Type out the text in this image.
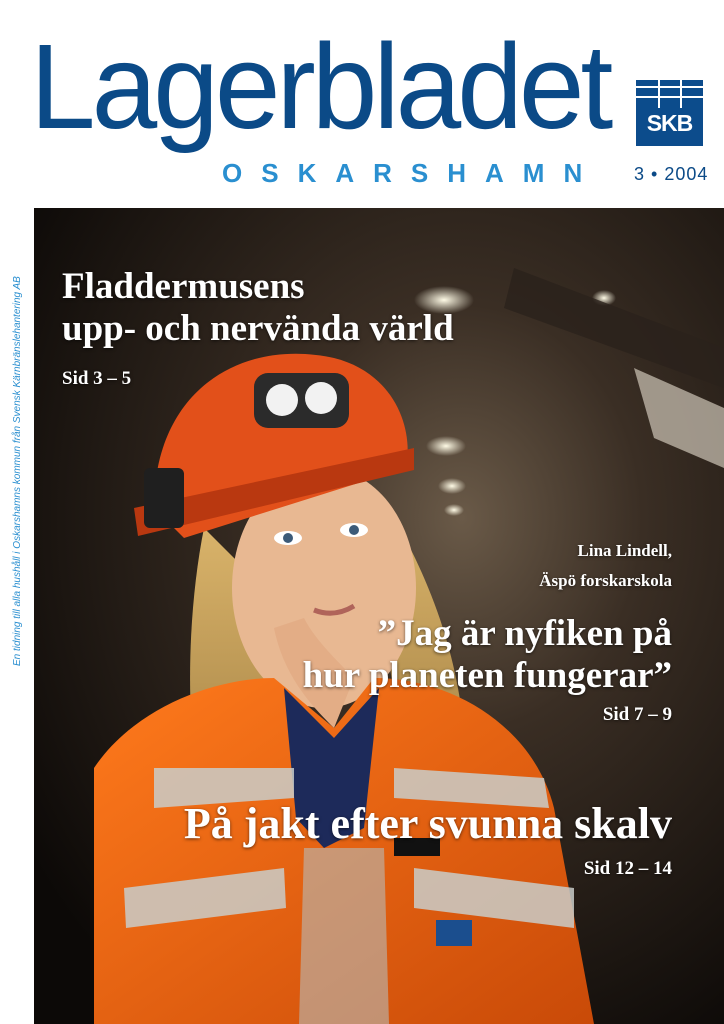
Lagerbladet
OSKARSHAMN 3 • 2004
SKB
En tidning till alla hushåll i Oskarshamns kommun från Svensk Kärnbränslehantering AB Fladdermusens
upp- och nervända värld
Sid 3 – 5
Lina Lindell,
Äspö forskarskola
”Jag är nyfiken på
hur planeten fungerar”
Sid 7 – 9
På jakt efter svunna skalv
Sid 12 – 14
